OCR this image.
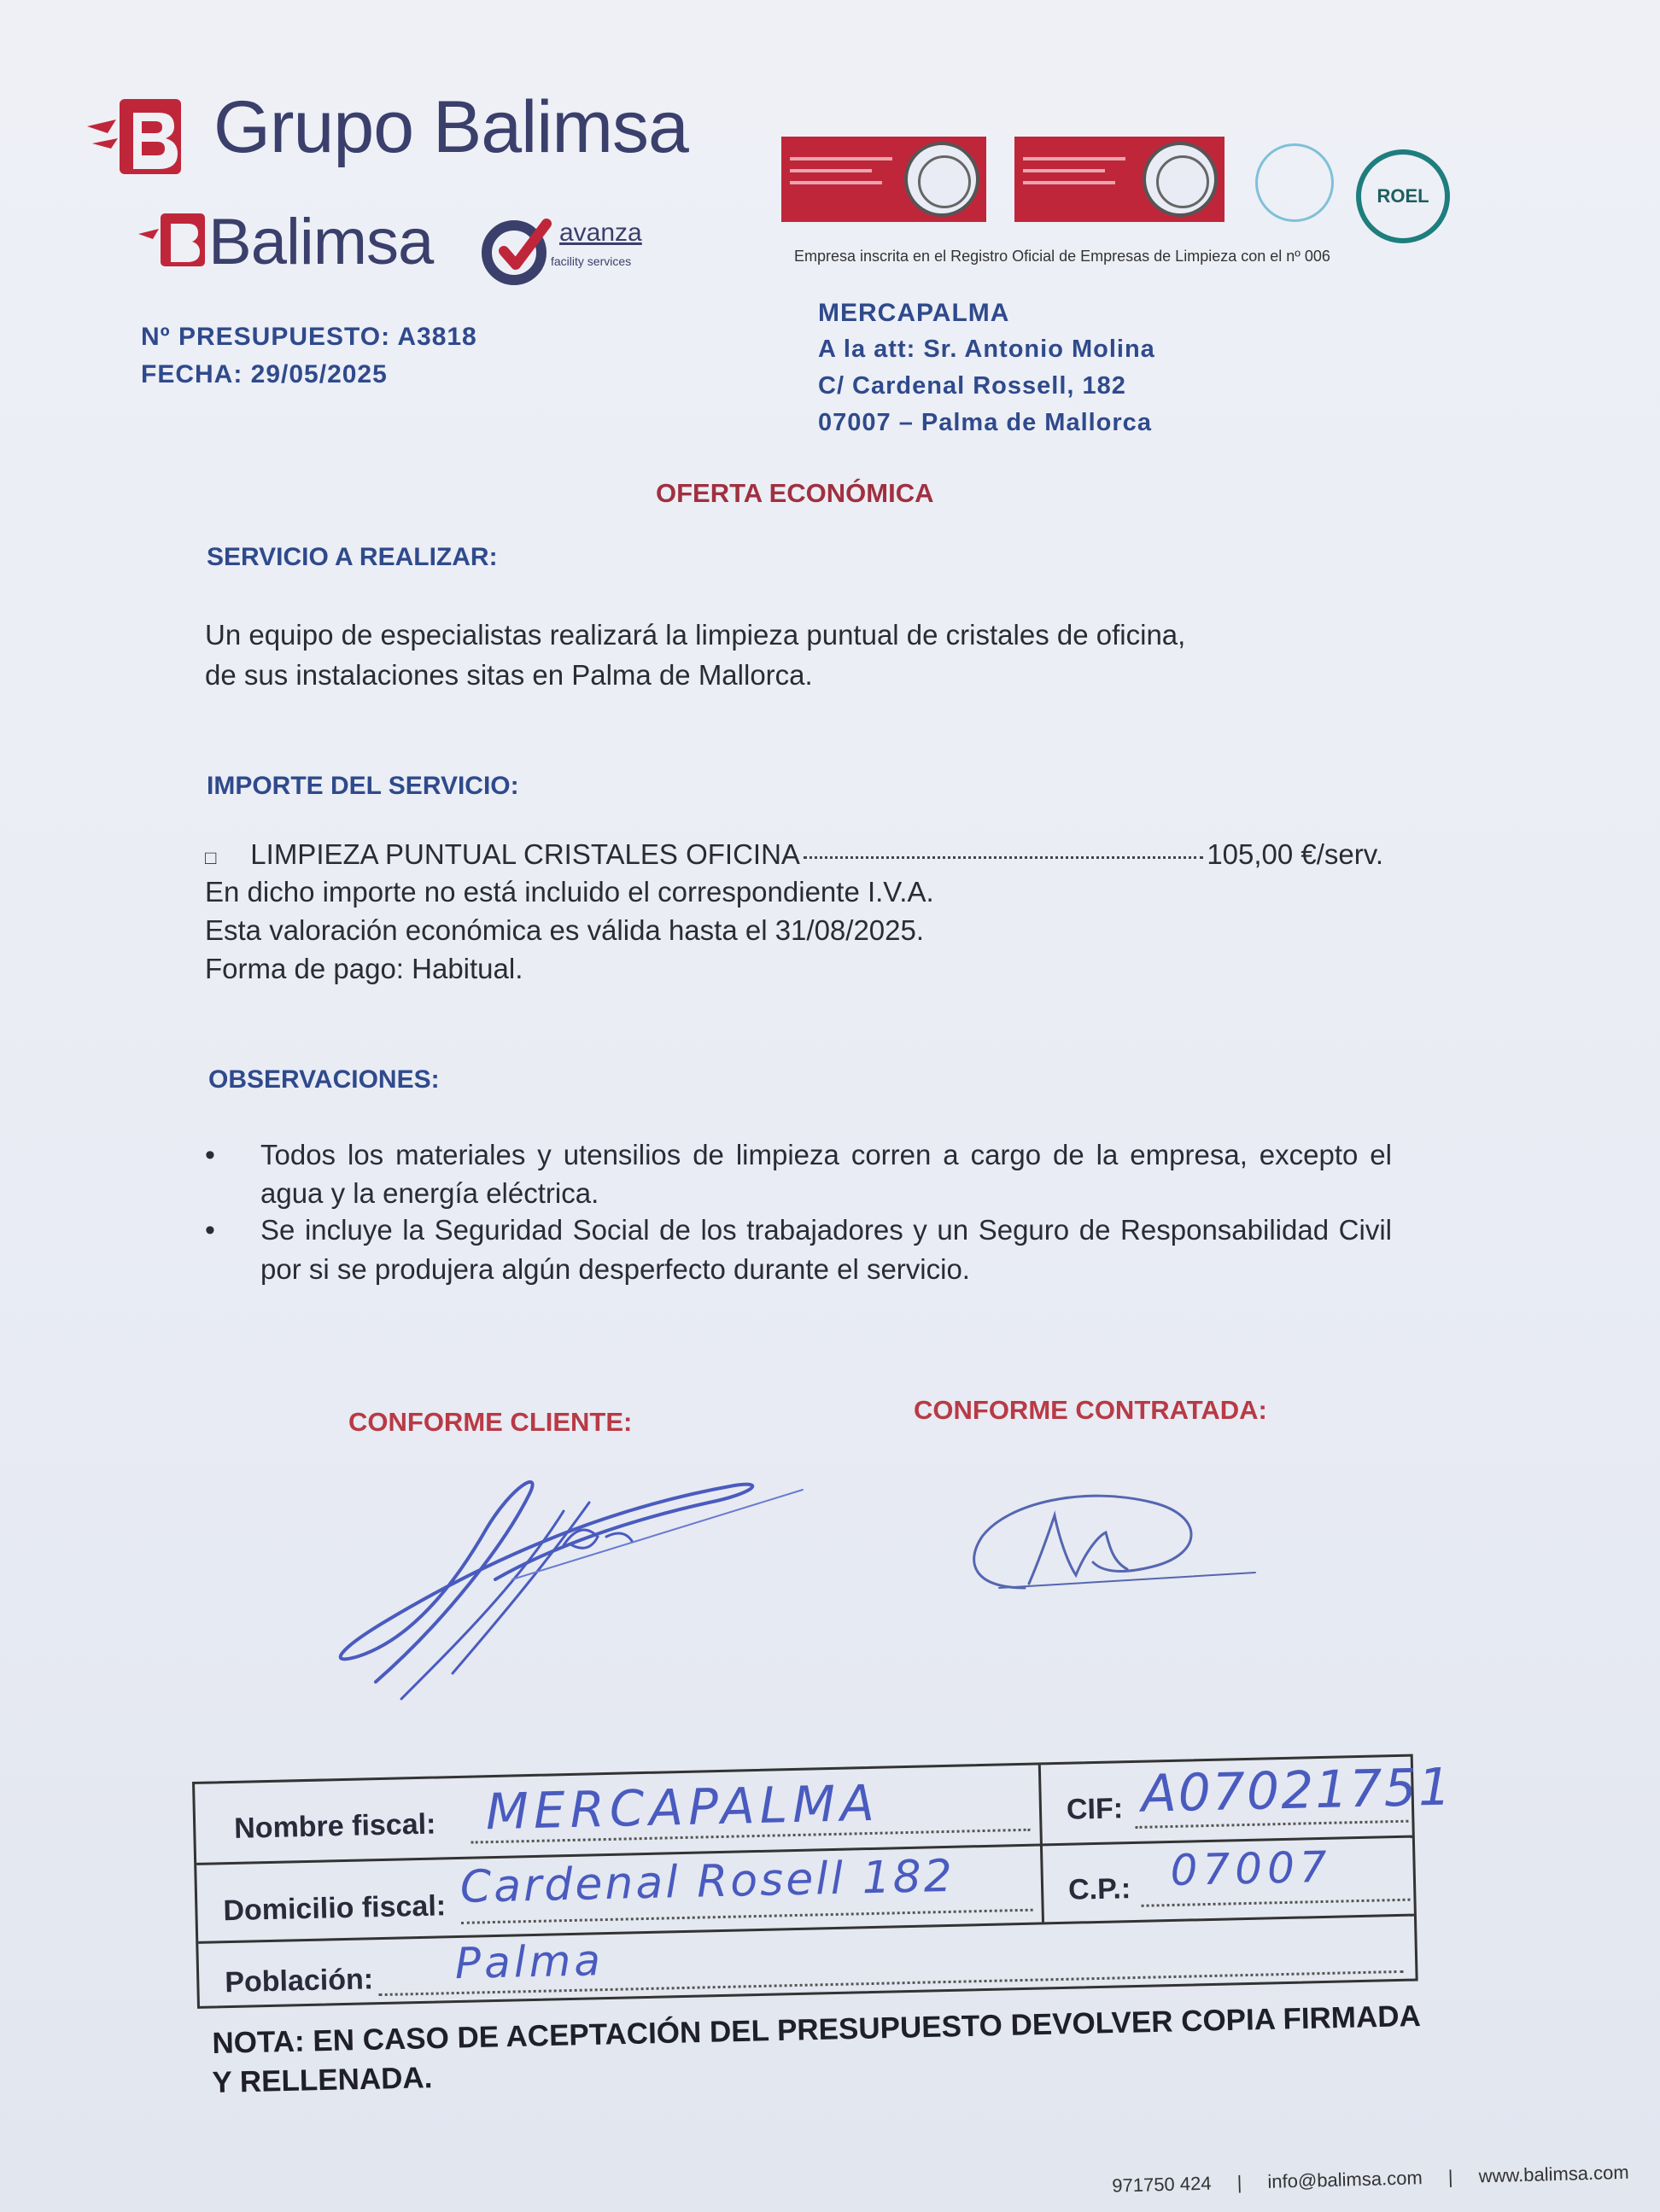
Grupo Balimsa
Balimsa	avanza
facility services
ROEL
Empresa inscrita en el Registro Oficial de Empresas de Limpieza con el nº 006
Nº PRESUPUESTO: A3818
FECHA: 29/05/2025
MERCAPALMA
A la att: Sr. Antonio Molina
C/ Cardenal Rossell, 182
07007 – Palma de Mallorca
OFERTA ECONÓMICA
SERVICIO A REALIZAR:
Un equipo de especialistas realizará la limpieza puntual de cristales de oficina,
de sus instalaciones sitas en Palma de Mallorca.
IMPORTE DEL SERVICIO:
□ LIMPIEZA PUNTUAL CRISTALES OFICINA	105,00 €/serv.
En dicho importe no está incluido el correspondiente I.V.A.
Esta valoración económica es válida hasta el 31/08/2025.
Forma de pago: Habitual.
OBSERVACIONES:
• Todos los materiales y utensilios de limpieza corren a cargo de la empresa, excepto el agua y la energía eléctrica.
• Se incluye la Seguridad Social de los trabajadores y un Seguro de Responsabilidad Civil por si se produjera algún desperfecto durante el servicio.
CONFORME CLIENTE:	CONFORME CONTRATADA:
Nombre fiscal: MERCAPALMA	CIF: A07021751
Domicilio fiscal: Cardenal Rosell 182	C.P.: 07007
Población: Palma
NOTA: EN CASO DE ACEPTACIÓN DEL PRESUPUESTO DEVOLVER COPIA FIRMADA
Y RELLENADA.
971750 424 | info@balimsa.com | www.balimsa.com
